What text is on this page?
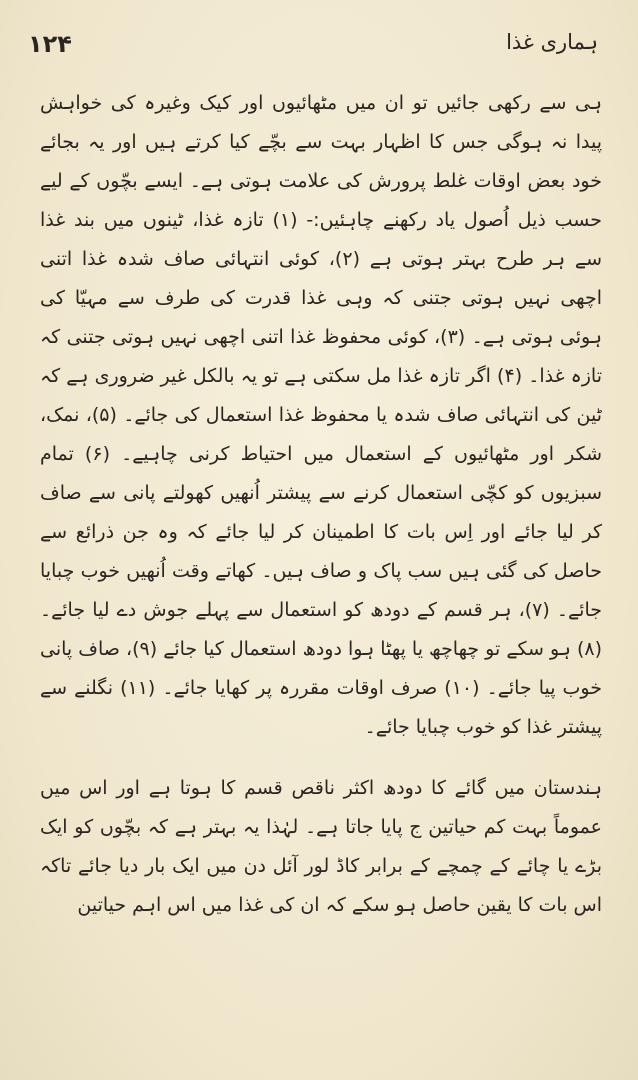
۱۲۴	ہماری غذا

ہی سے رکھی جائیں تو ان میں مٹھائیوں اور کیک وغیرہ کی خواہش پیدا نہ ہوگی جس کا اظہار بہت سے بچّے کیا کرتے ہیں اور یہ بجائے خود بعض اوقات غلط پرورش کی علامت ہوتی ہے۔ ایسے بچّوں کے لیے حسب ذیل اُصول یاد رکھنے چاہئیں:- (۱) تازہ غذا، ٹینوں میں بند غذا سے ہر طرح بہتر ہوتی ہے (۲)، کوئی انتہائی صاف شدہ غذا اتنی اچھی نہیں ہوتی جتنی کہ وہی غذا قدرت کی طرف سے مہیّا کی ہوئی ہوتی ہے۔ (۳)، کوئی محفوظ غذا اتنی اچھی نہیں ہوتی جتنی کہ تازہ غذا۔ (۴) اگر تازہ غذا مل سکتی ہے تو یہ بالکل غیر ضروری ہے کہ ٹین کی انتہائی صاف شدہ یا محفوظ غذا استعمال کی جائے۔ (۵)، نمک، شکر اور مٹھائیوں کے استعمال میں احتیاط کرنی چاہیے۔ (۶) تمام سبزیوں کو کچّی استعمال کرنے سے پیشتر اُنھیں کھولتے پانی سے صاف کر لیا جائے اور اِس بات کا اطمینان کر لیا جائے کہ وہ جن ذرائع سے حاصل کی گئی ہیں سب پاک و صاف ہیں۔ کھاتے وقت اُنھیں خوب چبایا جائے۔ (۷)، ہر قسم کے دودھ کو استعمال سے پہلے جوش دے لیا جائے۔ (۸) ہو سکے تو چھاچھ یا پھٹا ہوا دودھ استعمال کیا جائے (۹)، صاف پانی خوب پیا جائے۔ (۱۰) صرف اوقات مقررہ پر کھایا جائے۔ (۱۱) نگلنے سے پیشتر غذا کو خوب چبایا جائے۔

ہندستان میں گائے کا دودھ اکثر ناقص قسم کا ہوتا ہے اور اس میں عموماً بہت کم حیاتین ج پایا جاتا ہے۔ لہٰذا یہ بہتر ہے کہ بچّوں کو ایک بڑے یا چائے کے چمچے کے برابر کاڈ لور آئل دن میں ایک بار دیا جائے تاکہ اس بات کا یقین حاصل ہو سکے کہ ان کی غذا میں اس اہم حیاتین
